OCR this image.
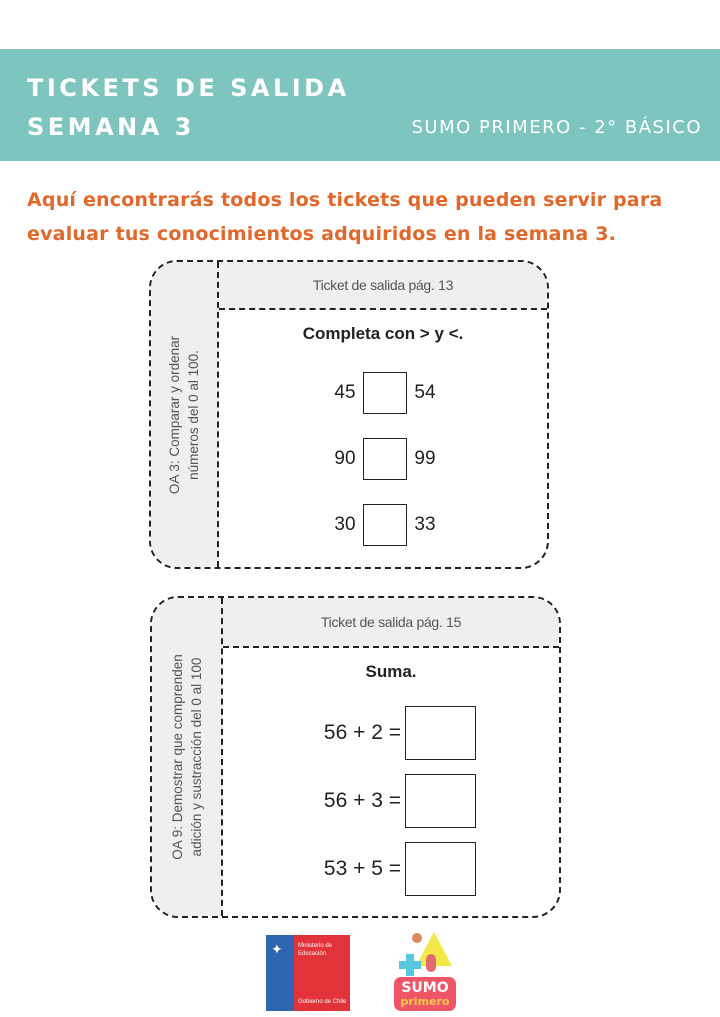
TICKETS DE SALIDA
SEMANA 3	SUMO PRIMERO - 2° BÁSICO
Aquí encontrarás todos los tickets que pueden servir para evaluar tus conocimientos adquiridos en la semana 3.
OA 3: Comparar y ordenar números del 0 al 100.
Ticket de salida pág. 13
Completa con > y <.
45	54
90	99
30	33
OA 9: Demostrar que comprenden adición y sustracción del 0 al 100
Ticket de salida pág. 15
Suma.
56 + 2 =
56 + 3 =
53 + 5 =
✦	Ministerio de
Educación
Gobierno de Chile
SUMO
primero
